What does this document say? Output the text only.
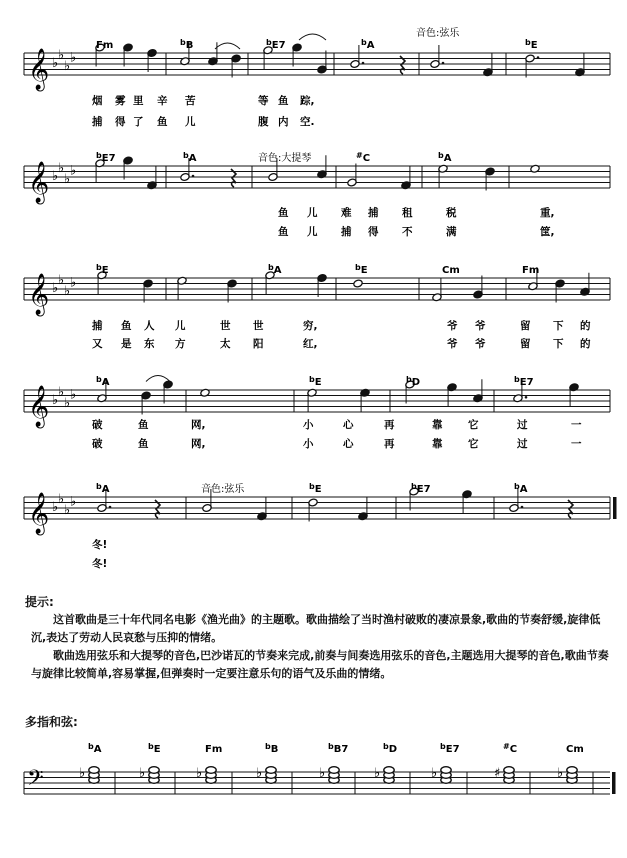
𝄞 ♭
♭
♭
♭
Fm	$^b$B	$^b$E7	$^b$A	$^b$E
音色:弦乐
烟 雾 里 辛 苦	等 鱼 踪,
捕 得 了 鱼 儿	腹 内 空.
𝄞 ♭
♭
♭
♭
$^b$E7	$^b$A	#C	$^b$A
音色:大提琴
鱼 儿 难 捕 租	税	重,
鱼 儿 捕 得 不	满	筐,
𝄞 ♭
♭
♭
♭
$^b$E	$^b$A	$^b$E	Cm	Fm
捕 鱼 人 儿	世 世	穷,	爷 爷	留 下 的
又 是 东 方	太 阳	红,	爷 爷	留 下 的
𝄞 ♭
♭
♭
♭
$^b$A	$^b$E	$^b$D	$^b$E7
破	鱼	网,	小	心	再	靠 它	过	一
破	鱼	网,	小	心	再	靠 它	过	一
𝄞 ♭
♭
♭
♭
$^b$A	$^b$E	$^b$E7	$^b$A
音色:弦乐
冬!
冬!
𝄢
$^b$A
♭
$^b$E
♭
Fm
♭
$^b$B
♭
$^b$B7
♭
$^b$D
♭
$^b$E7
♭
#C
♯
Cm
♭
提示:
这首歌曲是三十年代同名电影《渔光曲》的主题歌。歌曲描绘了当时渔村破败的凄凉景象,歌曲的节奏舒缓,旋律低沉,表达了劳动人民哀愁与压抑的情绪。
歌曲选用弦乐和大提琴的音色,巴沙诺瓦的节奏来完成,前奏与间奏选用弦乐的音色,主题选用大提琴的音色,歌曲节奏与旋律比较简单,容易掌握,但弹奏时一定要注意乐句的语气及乐曲的情绪。
多指和弦:
